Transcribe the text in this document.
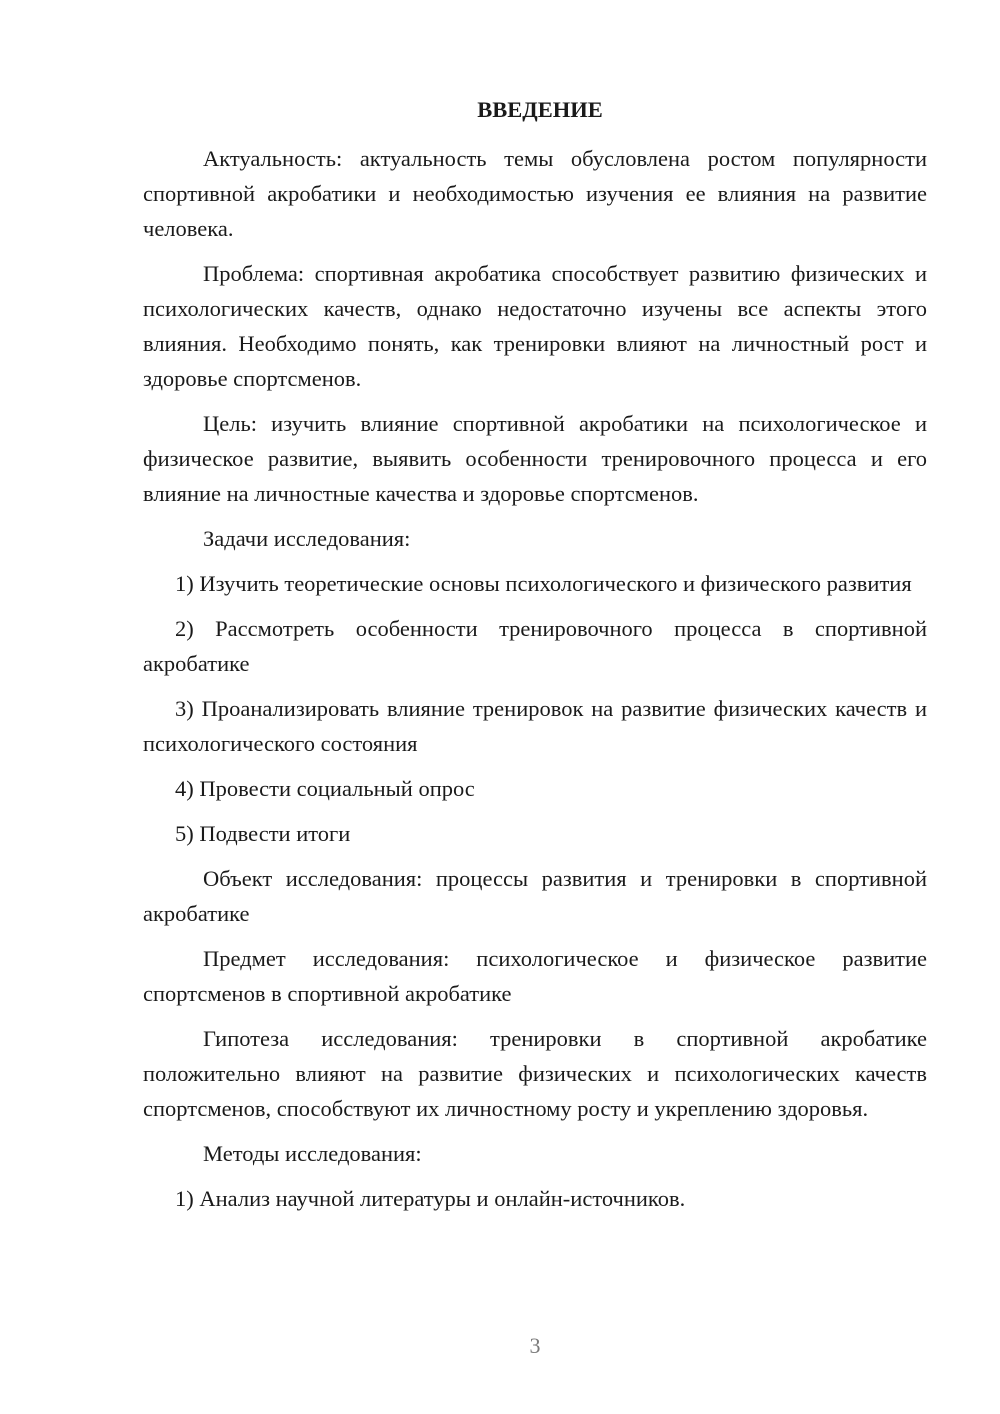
ВВЕДЕНИЕ

Актуальность: актуальность темы обусловлена ростом популярности спортивной акробатики и необходимостью изучения ее влияния на развитие человека.

Проблема: спортивная акробатика способствует развитию физических и психологических качеств, однако недостаточно изучены все аспекты этого влияния. Необходимо понять, как тренировки влияют на личностный рост и здоровье спортсменов.

Цель: изучить влияние спортивной акробатики на психологическое и физическое развитие, выявить особенности тренировочного процесса и его влияние на личностные качества и здоровье спортсменов.

Задачи исследования:

1) Изучить теоретические основы психологического и физического развития

2) Рассмотреть особенности тренировочного процесса в спортивной акробатике

3) Проанализировать влияние тренировок на развитие физических качеств и психологического состояния

4) Провести социальный опрос

5) Подвести итоги

Объект исследования: процессы развития и тренировки в спортивной акробатике

Предмет исследования: психологическое и физическое развитие спортсменов в спортивной акробатике

Гипотеза исследования: тренировки в спортивной акробатике положительно влияют на развитие физических и психологических качеств спортсменов, способствуют их личностному росту и укреплению здоровья.

Методы исследования:

1) Анализ научной литературы и онлайн-источников.

3
